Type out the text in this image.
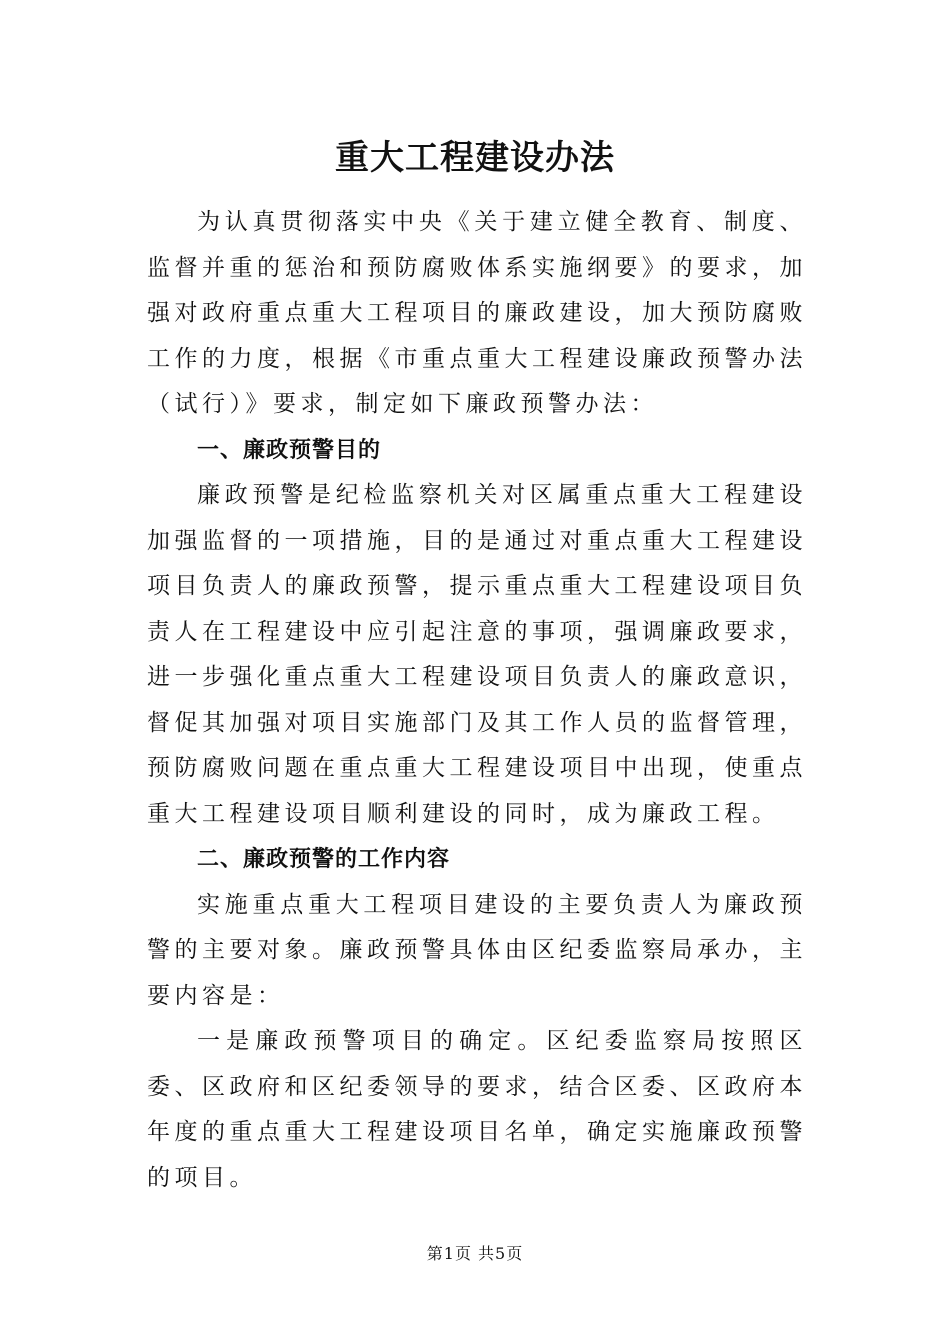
重大工程建设办法

为认真贯彻落实中央《关于建立健全教育、制度、监督并重的惩治和预防腐败体系实施纲要》的要求，加强对政府重点重大工程项目的廉政建设，加大预防腐败工作的力度，根据《市重点重大工程建设廉政预警办法（试行）》要求，制定如下廉政预警办法：

一、廉政预警目的

廉政预警是纪检监察机关对区属重点重大工程建设加强监督的一项措施，目的是通过对重点重大工程建设项目负责人的廉政预警，提示重点重大工程建设项目负责人在工程建设中应引起注意的事项，强调廉政要求，进一步强化重点重大工程建设项目负责人的廉政意识，督促其加强对项目实施部门及其工作人员的监督管理，预防腐败问题在重点重大工程建设项目中出现，使重点重大工程建设项目顺利建设的同时，成为廉政工程。

二、廉政预警的工作内容

实施重点重大工程项目建设的主要负责人为廉政预警的主要对象。廉政预警具体由区纪委监察局承办，主要内容是：

一是廉政预警项目的确定。区纪委监察局按照区委、区政府和区纪委领导的要求，结合区委、区政府本年度的重点重大工程建设项目名单，确定实施廉政预警的项目。

第1页 共5页
